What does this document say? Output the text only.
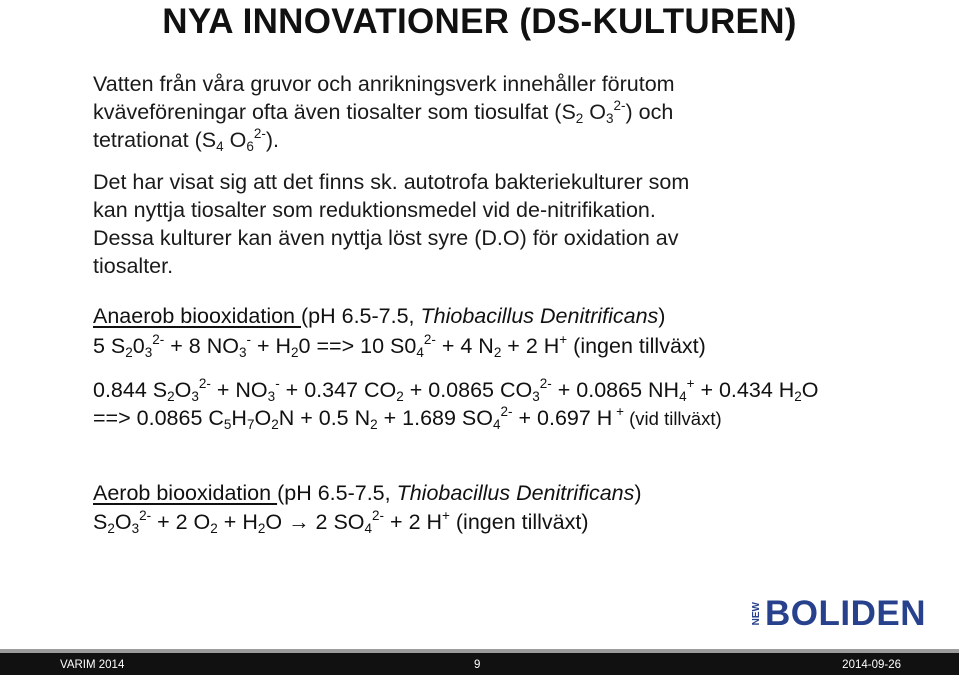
NYA INNOVATIONER (DS-KULTUREN)
Vatten från våra gruvor och anrikningsverk innehåller förutom
kväveföreningar ofta även tiosalter som tiosulfat ($S_2$ $O_3^{2-}$) och
tetrationat ($S_4$ $O_6^{2-}$).
Det har visat sig att det finns sk. autotrofa bakteriekulturer som
kan nyttja tiosalter som reduktionsmedel vid de-nitrifikation.
Dessa kulturer kan även nyttja löst syre (D.O) för oxidation av
tiosalter.
Anaerob biooxidation (pH 6.5-7.5, Thiobacillus Denitrificans)
5 $S_20_3^{2-} + 8$ $NO_3^- + H_20$ ==> 10 $S0_4^{2-} + 4$ $N_2 + 2$ H+ (ingen tillväxt)
0.844 $S_2O_3^{2-} + NO_3^- + 0.347$ $CO_2 + 0.0865$ $CO_3^{2-} + 0.0865$ $NH_4^+ + 0.434$ $H_2O$
==> 0.0865 $C_5H_7O_2N + 0.5$ $N_2 + 1.689$ $SO_4^{2-} + 0.697$ H + (vid tillväxt)
Aerob biooxidation (pH 6.5-7.5, Thiobacillus Denitrificans)
$S_2O_3^{2-} + 2$ $O_2 + H_2O \to 2$ $SO_4^{2-} + 2$ H+ (ingen tillväxt)
NEW BOLIDEN
VARIM 2014	9	2014-09-26
